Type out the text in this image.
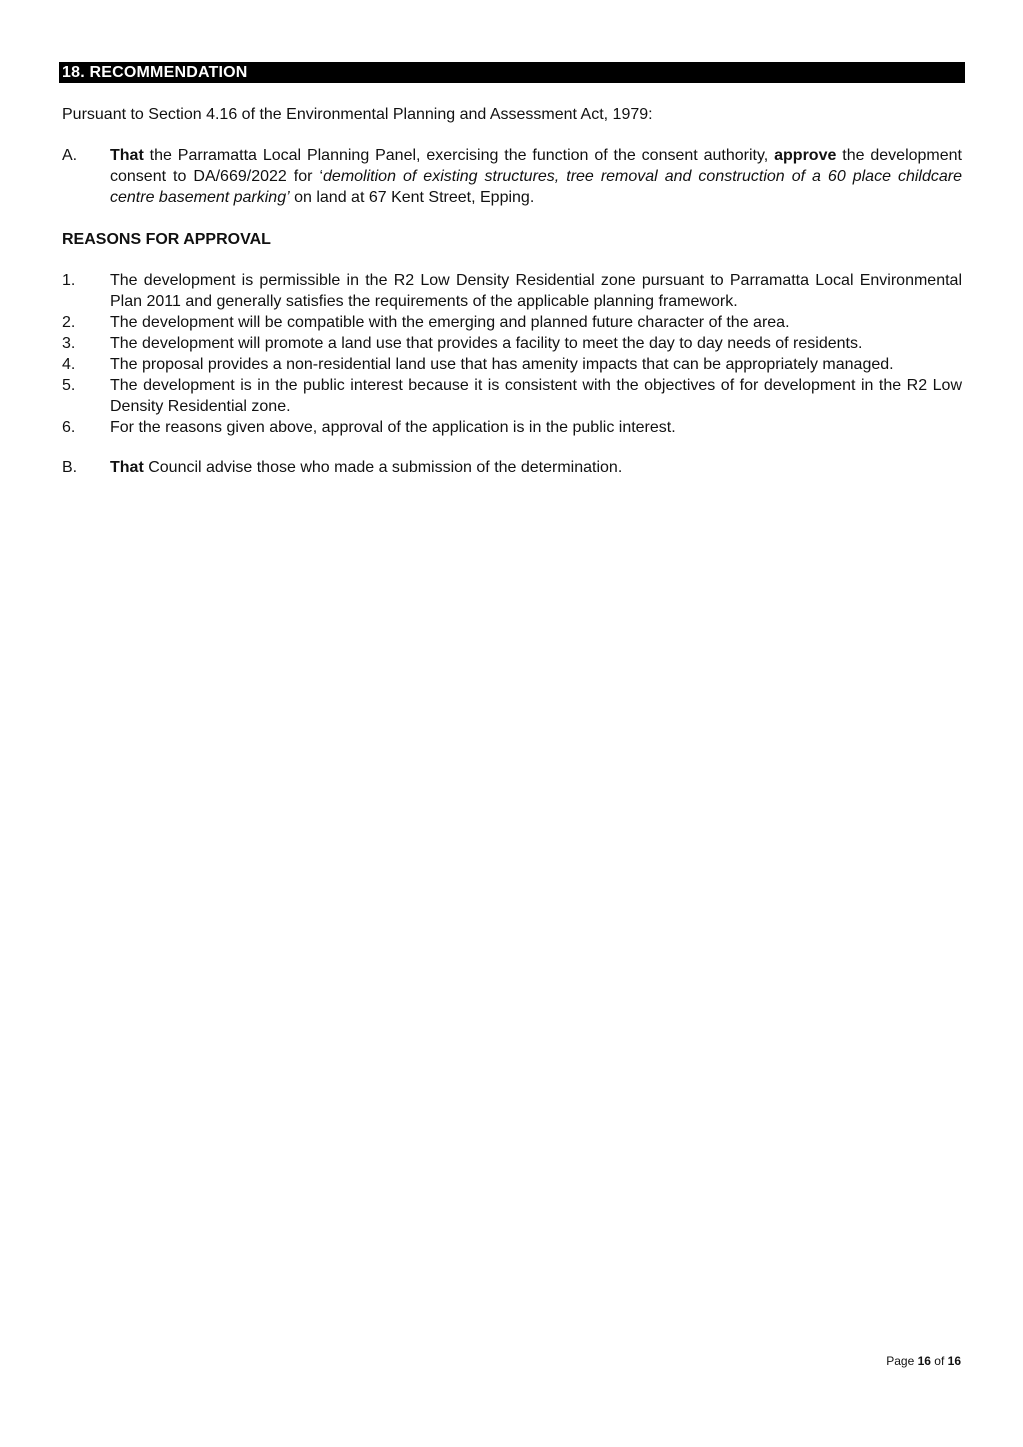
18. RECOMMENDATION
Pursuant to Section 4.16 of the Environmental Planning and Assessment Act, 1979:
A. That the Parramatta Local Planning Panel, exercising the function of the consent authority, approve the development consent to DA/669/2022 for ‘demolition of existing structures, tree removal and construction of a 60 place childcare centre basement parking’ on land at 67 Kent Street, Epping.
REASONS FOR APPROVAL
1. The development is permissible in the R2 Low Density Residential zone pursuant to Parramatta Local Environmental Plan 2011 and generally satisfies the requirements of the applicable planning framework.
2. The development will be compatible with the emerging and planned future character of the area.
3. The development will promote a land use that provides a facility to meet the day to day needs of residents.
4. The proposal provides a non-residential land use that has amenity impacts that can be appropriately managed.
5. The development is in the public interest because it is consistent with the objectives of for development in the R2 Low Density Residential zone.
6. For the reasons given above, approval of the application is in the public interest.
B. That Council advise those who made a submission of the determination.
Page 16 of 16
